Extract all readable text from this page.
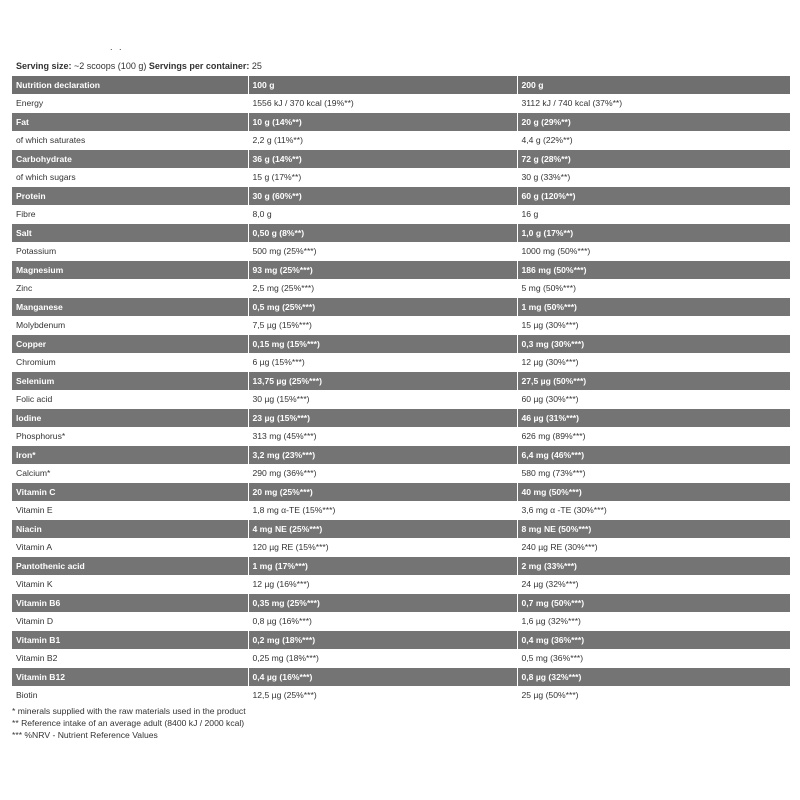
. .
Serving size: ~2 scoops (100 g) Servings per container: 25
Nutrition declaration	100 g	200 g
Energy	1556 kJ / 370 kcal (19%**)	3112 kJ / 740 kcal (37%**)
Fat	10 g (14%**)	20 g (29%**)
of which saturates	2,2 g (11%**)	4,4 g (22%**)
Carbohydrate	36 g (14%**)	72 g (28%**)
of which sugars	15 g (17%**)	30 g (33%**)
Protein	30 g (60%**)	60 g (120%**)
Fibre	8,0 g	16 g
Salt	0,50 g (8%**)	1,0 g (17%**)
Potassium	500 mg (25%***)	1000 mg (50%***)
Magnesium	93 mg (25%***)	186 mg (50%***)
Zinc	2,5 mg (25%***)	5 mg (50%***)
Manganese	0,5 mg (25%***)	1 mg (50%***)
Molybdenum	7,5 µg (15%***)	15 µg (30%***)
Copper	0,15 mg (15%***)	0,3 mg (30%***)
Chromium	6 µg (15%***)	12 µg (30%***)
Selenium	13,75 µg (25%***)	27,5 µg (50%***)
Folic acid	30 µg (15%***)	60 µg (30%***)
Iodine	23 µg (15%***)	46 µg (31%***)
Phosphorus*	313 mg (45%***)	626 mg (89%***)
Iron*	3,2 mg (23%***)	6,4 mg (46%***)
Calcium*	290 mg (36%***)	580 mg (73%***)
Vitamin C	20 mg (25%***)	40 mg (50%***)
Vitamin E	1,8 mg α-TE (15%***)	3,6 mg α -TE (30%***)
Niacin	4 mg NE (25%***)	8 mg NE (50%***)
Vitamin A	120 µg RE (15%***)	240 µg RE (30%***)
Pantothenic acid	1 mg (17%***)	2 mg (33%***)
Vitamin K	12 µg (16%***)	24 µg (32%***)
Vitamin B6	0,35 mg (25%***)	0,7 mg (50%***)
Vitamin D	0,8 µg (16%***)	1,6 µg (32%***)
Vitamin B1	0,2 mg (18%***)	0,4 mg (36%***)
Vitamin B2	0,25 mg (18%***)	0,5 mg (36%***)
Vitamin B12	0,4 µg (16%***)	0,8 µg (32%***)
Biotin	12,5 µg (25%***)	25 µg (50%***)
* minerals supplied with the raw materials used in the product
** Reference intake of an average adult (8400 kJ / 2000 kcal)
*** %NRV - Nutrient Reference Values
